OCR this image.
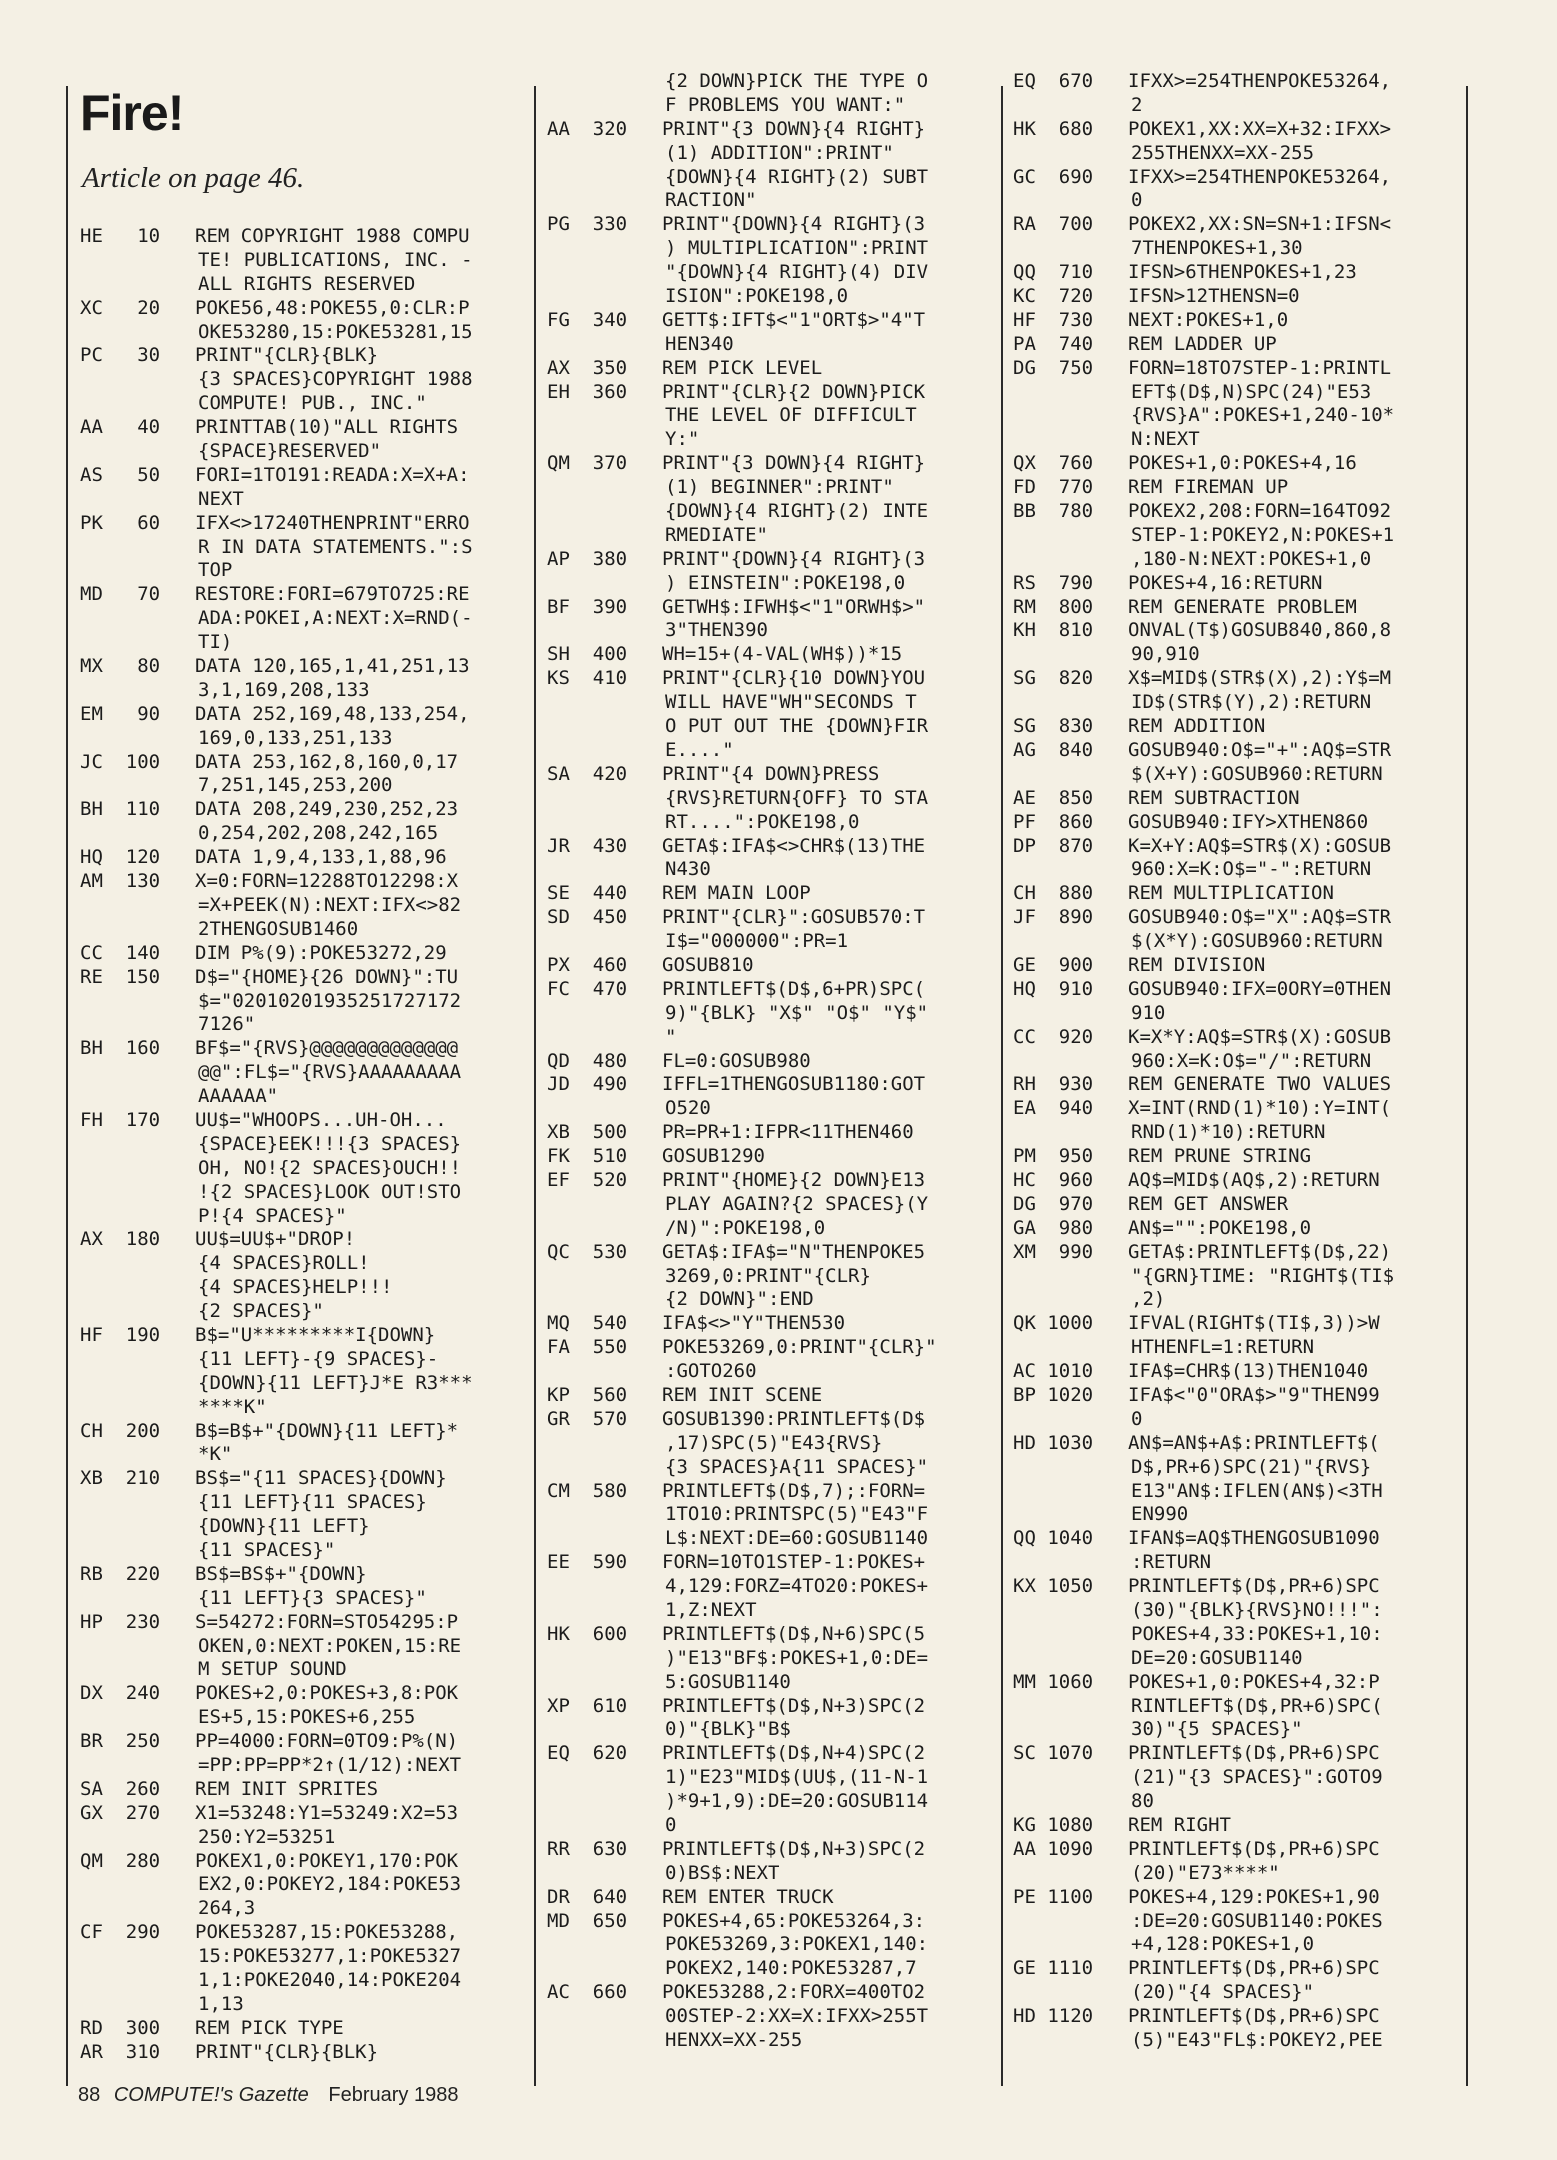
Fire!
Article on page 46.
HE   10	REM COPYRIGHT 1988 COMPU
TE! PUBLICATIONS, INC. -
ALL RIGHTS RESERVED
XC   20	POKE56,48:POKE55,0:CLR:P
OKE53280,15:POKE53281,15
PC   30	PRINT"{CLR}{BLK}
{3 SPACES}COPYRIGHT 1988
COMPUTE! PUB., INC."
AA   40	PRINTTAB(10)"ALL RIGHTS
{SPACE}RESERVED"
AS   50	FORI=1TO191:READA:X=X+A:
NEXT
PK   60	IFX<>17240THENPRINT"ERRO
R IN DATA STATEMENTS.":S
TOP
MD   70	RESTORE:FORI=679TO725:RE
ADA:POKEI,A:NEXT:X=RND(-
TI)
MX   80	DATA 120,165,1,41,251,13
3,1,169,208,133
EM   90	DATA 252,169,48,133,254,
169,0,133,251,133
JC  100	DATA 253,162,8,160,0,17
7,251,145,253,200
BH  110	DATA 208,249,230,252,23
0,254,202,208,242,165
HQ  120	DATA 1,9,4,133,1,88,96
AM  130	X=0:FORN=12288TO12298:X
=X+PEEK(N):NEXT:IFX<>82
2THENGOSUB1460
CC  140	DIM P%(9):POKE53272,29
RE  150	D$="{HOME}{26 DOWN}":TU
$="02010201935251727172
7126"
BH  160	BF$="{RVS}@@@@@@@@@@@@@
@@":FL$="{RVS}AAAAAAAAA
AAAAAA"
FH  170	UU$="WHOOPS...UH-OH...
{SPACE}EEK!!!{3 SPACES}
OH, NO!{2 SPACES}OUCH!!
!{2 SPACES}LOOK OUT!STO
P!{4 SPACES}"
AX  180	UU$=UU$+"DROP!
{4 SPACES}ROLL!
{4 SPACES}HELP!!!
{2 SPACES}"
HF  190	B$="U*********I{DOWN}
{11 LEFT}-{9 SPACES}-
{DOWN}{11 LEFT}J*E R3***
****K"
CH  200	B$=B$+"{DOWN}{11 LEFT}*
*K"
XB  210	BS$="{11 SPACES}{DOWN}
{11 LEFT}{11 SPACES}
{DOWN}{11 LEFT}
{11 SPACES}"
RB  220	BS$=BS$+"{DOWN}
{11 LEFT}{3 SPACES}"
HP  230	S=54272:FORN=STO54295:P
OKEN,0:NEXT:POKEN,15:RE
M SETUP SOUND
DX  240	POKES+2,0:POKES+3,8:POK
ES+5,15:POKES+6,255
BR  250	PP=4000:FORN=0TO9:P%(N)
=PP:PP=PP*2↑(1/12):NEXT
SA  260	REM INIT SPRITES
GX  270	X1=53248:Y1=53249:X2=53
250:Y2=53251
QM  280	POKEX1,0:POKEY1,170:POK
EX2,0:POKEY2,184:POKE53
264,3
CF  290	POKE53287,15:POKE53288,
15:POKE53277,1:POKE5327
1,1:POKE2040,14:POKE204
1,13
RD  300	REM PICK TYPE
AR  310	PRINT"{CLR}{BLK}
{2 DOWN}PICK THE TYPE O
F PROBLEMS YOU WANT:"
AA  320	PRINT"{3 DOWN}{4 RIGHT}
(1) ADDITION":PRINT"
{DOWN}{4 RIGHT}(2) SUBT
RACTION"
PG  330	PRINT"{DOWN}{4 RIGHT}(3
) MULTIPLICATION":PRINT
"{DOWN}{4 RIGHT}(4) DIV
ISION":POKE198,0
FG  340	GETT$:IFT$<"1"ORT$>"4"T
HEN340
AX  350	REM PICK LEVEL
EH  360	PRINT"{CLR}{2 DOWN}PICK
THE LEVEL OF DIFFICULT
Y:"
QM  370	PRINT"{3 DOWN}{4 RIGHT}
(1) BEGINNER":PRINT"
{DOWN}{4 RIGHT}(2) INTE
RMEDIATE"
AP  380	PRINT"{DOWN}{4 RIGHT}(3
) EINSTEIN":POKE198,0
BF  390	GETWH$:IFWH$<"1"ORWH$>"
3"THEN390
SH  400	WH=15+(4-VAL(WH$))*15
KS  410	PRINT"{CLR}{10 DOWN}YOU
WILL HAVE"WH"SECONDS T
O PUT OUT THE {DOWN}FIR
E...."
SA  420	PRINT"{4 DOWN}PRESS
{RVS}RETURN{OFF} TO STA
RT....":POKE198,0
JR  430	GETA$:IFA$<>CHR$(13)THE
N430
SE  440	REM MAIN LOOP
SD  450	PRINT"{CLR}":GOSUB570:T
I$="000000":PR=1
PX  460	GOSUB810
FC  470	PRINTLEFT$(D$,6+PR)SPC(
9)"{BLK} "X$" "O$" "Y$"
"
QD  480	FL=0:GOSUB980
JD  490	IFFL=1THENGOSUB1180:GOT
O520
XB  500	PR=PR+1:IFPR<11THEN460
FK  510	GOSUB1290
EF  520	PRINT"{HOME}{2 DOWN}E13
PLAY AGAIN?{2 SPACES}(Y
/N)":POKE198,0
QC  530	GETA$:IFA$="N"THENPOKE5
3269,0:PRINT"{CLR}
{2 DOWN}":END
MQ  540	IFA$<>"Y"THEN530
FA  550	POKE53269,0:PRINT"{CLR}"
:GOTO260
KP  560	REM INIT SCENE
GR  570	GOSUB1390:PRINTLEFT$(D$
,17)SPC(5)"E43{RVS}
{3 SPACES}A{11 SPACES}"
CM  580	PRINTLEFT$(D$,7);:FORN=
1TO10:PRINTSPC(5)"E43"F
L$:NEXT:DE=60:GOSUB1140
EE  590	FORN=10TO1STEP-1:POKES+
4,129:FORZ=4TO20:POKES+
1,Z:NEXT
HK  600	PRINTLEFT$(D$,N+6)SPC(5
)"E13"BF$:POKES+1,0:DE=
5:GOSUB1140
XP  610	PRINTLEFT$(D$,N+3)SPC(2
0)"{BLK}"B$
EQ  620	PRINTLEFT$(D$,N+4)SPC(2
1)"E23"MID$(UU$,(11-N-1
)*9+1,9):DE=20:GOSUB114
0
RR  630	PRINTLEFT$(D$,N+3)SPC(2
0)BS$:NEXT
DR  640	REM ENTER TRUCK
MD  650	POKES+4,65:POKE53264,3:
POKE53269,3:POKEX1,140:
POKEX2,140:POKE53287,7
AC  660	POKE53288,2:FORX=400TO2
00STEP-2:XX=X:IFXX>255T
HENXX=XX-255
EQ  670	IFXX>=254THENPOKE53264,
2
HK  680	POKEX1,XX:XX=X+32:IFXX>
255THENXX=XX-255
GC  690	IFXX>=254THENPOKE53264,
0
RA  700	POKEX2,XX:SN=SN+1:IFSN<
7THENPOKES+1,30
QQ  710	IFSN>6THENPOKES+1,23
KC  720	IFSN>12THENSN=0
HF  730	NEXT:POKES+1,0
PA  740	REM LADDER UP
DG  750	FORN=18TO7STEP-1:PRINTL
EFT$(D$,N)SPC(24)"E53
{RVS}A":POKES+1,240-10*
N:NEXT
QX  760	POKES+1,0:POKES+4,16
FD  770	REM FIREMAN UP
BB  780	POKEX2,208:FORN=164TO92
STEP-1:POKEY2,N:POKES+1
,180-N:NEXT:POKES+1,0
RS  790	POKES+4,16:RETURN
RM  800	REM GENERATE PROBLEM
KH  810	ONVAL(T$)GOSUB840,860,8
90,910
SG  820	X$=MID$(STR$(X),2):Y$=M
ID$(STR$(Y),2):RETURN
SG  830	REM ADDITION
AG  840	GOSUB940:O$="+":AQ$=STR
$(X+Y):GOSUB960:RETURN
AE  850	REM SUBTRACTION
PF  860	GOSUB940:IFY>XTHEN860
DP  870	K=X+Y:AQ$=STR$(X):GOSUB
960:X=K:O$="-":RETURN
CH  880	REM MULTIPLICATION
JF  890	GOSUB940:O$="X":AQ$=STR
$(X*Y):GOSUB960:RETURN
GE  900	REM DIVISION
HQ  910	GOSUB940:IFX=0ORY=0THEN
910
CC  920	K=X*Y:AQ$=STR$(X):GOSUB
960:X=K:O$="/":RETURN
RH  930	REM GENERATE TWO VALUES
EA  940	X=INT(RND(1)*10):Y=INT(
RND(1)*10):RETURN
PM  950	REM PRUNE STRING
HC  960	AQ$=MID$(AQ$,2):RETURN
DG  970	REM GET ANSWER
GA  980	AN$="":POKE198,0
XM  990	GETA$:PRINTLEFT$(D$,22)
"{GRN}TIME: "RIGHT$(TI$
,2)
QK 1000	IFVAL(RIGHT$(TI$,3))>W
HTHENFL=1:RETURN
AC 1010	IFA$=CHR$(13)THEN1040
BP 1020	IFA$<"0"ORA$>"9"THEN99
0
HD 1030	AN$=AN$+A$:PRINTLEFT$(
D$,PR+6)SPC(21)"{RVS}
E13"AN$:IFLEN(AN$)<3TH
EN990
QQ 1040	IFAN$=AQ$THENGOSUB1090
:RETURN
KX 1050	PRINTLEFT$(D$,PR+6)SPC
(30)"{BLK}{RVS}NO!!!":
POKES+4,33:POKES+1,10:
DE=20:GOSUB1140
MM 1060	POKES+1,0:POKES+4,32:P
RINTLEFT$(D$,PR+6)SPC(
30)"{5 SPACES}"
SC 1070	PRINTLEFT$(D$,PR+6)SPC
(21)"{3 SPACES}":GOTO9
80
KG 1080	REM RIGHT
AA 1090	PRINTLEFT$(D$,PR+6)SPC
(20)"E73****"
PE 1100	POKES+4,129:POKES+1,90
:DE=20:GOSUB1140:POKES
+4,128:POKES+1,0
GE 1110	PRINTLEFT$(D$,PR+6)SPC
(20)"{4 SPACES}"
HD 1120	PRINTLEFT$(D$,PR+6)SPC
(5)"E43"FL$:POKEY2,PEE
88 COMPUTE!'s Gazette February 1988
